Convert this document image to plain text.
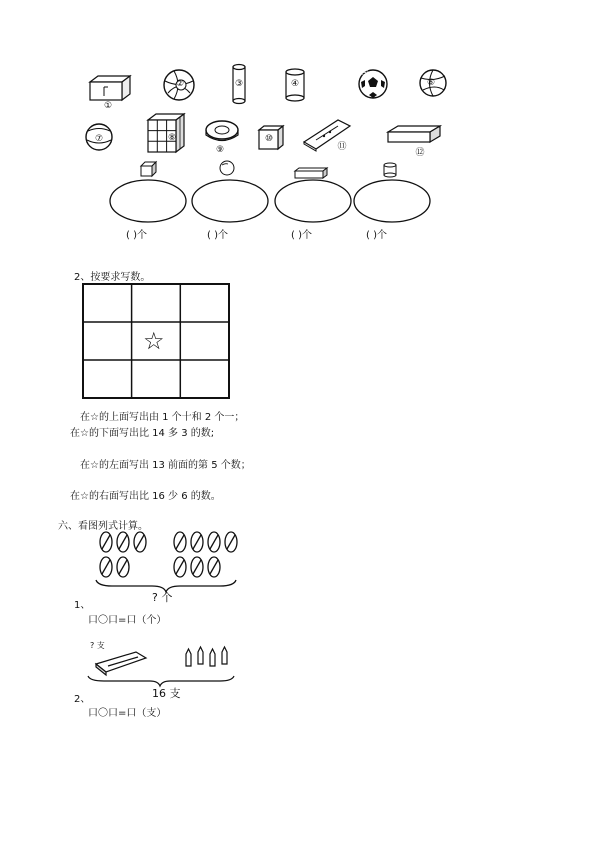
①
②	③	④
⑤
⑥
⑦	⑧
⑨
⑩
⑪
⑫
( )个	( )个	( )个	( )个
2、按要求写数。
☆
在☆的上面写出由 1 个十和 2 个一；
在☆的下面写出比 14 多 3 的数;
在☆的左面写出 13 前面的第 5 个数；
在☆的右面写出比 16 少 6 的数。
六、看图列式计算。
? 个
1、
口〇口=口（个）
? 支
16 支
2、
口〇口=口（支）
